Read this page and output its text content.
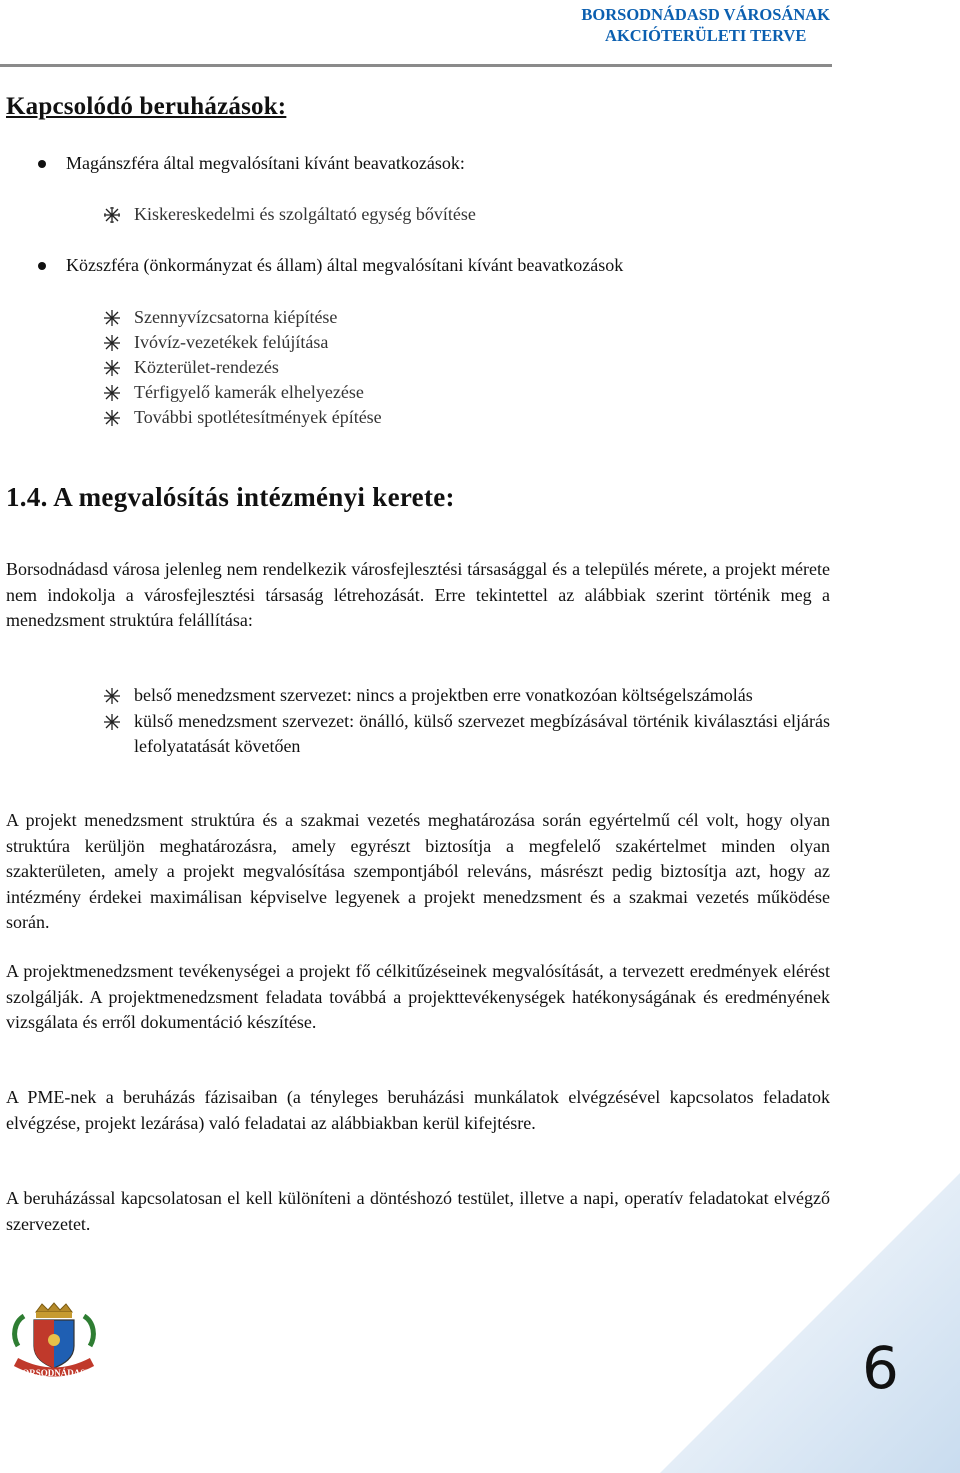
BORSODNÁDASD VÁROSÁNAK
AKCIÓTERÜLETI TERVE
Kapcsolódó beruházások:
Magánszféra által megvalósítani kívánt beavatkozások:
Kiskereskedelmi és szolgáltató egység bővítése
Közszféra (önkormányzat és állam) által megvalósítani kívánt beavatkozások
Szennyvízcsatorna kiépítése
Ivóvíz-vezetékek felújítása
Közterület-rendezés
Térfigyelő kamerák elhelyezése
További spotlétesítmények építése
1.4. A megvalósítás intézményi kerete:
Borsodnádasd városa jelenleg nem rendelkezik városfejlesztési társasággal és a település mérete, a projekt mérete nem indokolja a városfejlesztési társaság létrehozását. Erre tekintettel az alábbiak szerint történik meg a menedzsment struktúra felállítása:
belső menedzsment szervezet: nincs a projektben erre vonatkozóan költségelszámolás
külső menedzsment szervezet: önálló, külső szervezet megbízásával történik kiválasztási eljárás lefolyatatását követően
A projekt menedzsment struktúra és a szakmai vezetés meghatározása során egyértelmű cél volt, hogy olyan struktúra kerüljön meghatározásra, amely egyrészt biztosítja a megfelelő szakértelmet minden olyan szakterületen, amely a projekt megvalósítása szempontjából releváns, másrészt pedig biztosítja azt, hogy az intézmény érdekei maximálisan képviselve legyenek a projekt menedzsment és a szakmai vezetés működése során.
A projektmenedzsment tevékenységei a projekt fő célkitűzéseinek megvalósítását, a tervezett eredmények elérést szolgálják. A projektmenedzsment feladata továbbá a projekttevékenységek hatékonyságának és eredményének vizsgálata és erről dokumentáció készítése.
A PME-nek a beruházás fázisaiban (a tényleges beruházási munkálatok elvégzésével kapcsolatos feladatok elvégzése, projekt lezárása) való feladatai az alábbiakban kerül kifejtésre.
A beruházással kapcsolatosan el kell különíteni a döntéshozó testület, illetve a napi, operatív feladatokat elvégző szervezetet.
BORSODNÁDASD	6
